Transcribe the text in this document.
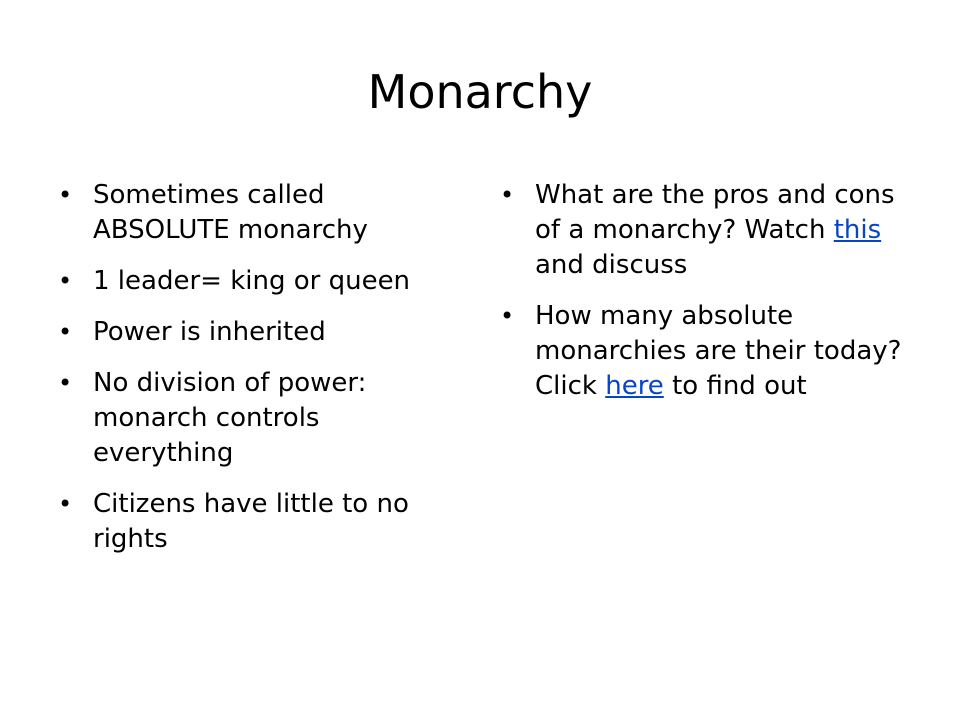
Monarchy
• Sometimes called ABSOLUTE monarchy
• 1 leader= king or queen
• Power is inherited
• No division of power: monarch controls everything
• Citizens have little to no rights
• What are the pros and cons of a monarchy? Watch this and discuss
• How many absolute monarchies are their today? Click here to find out
